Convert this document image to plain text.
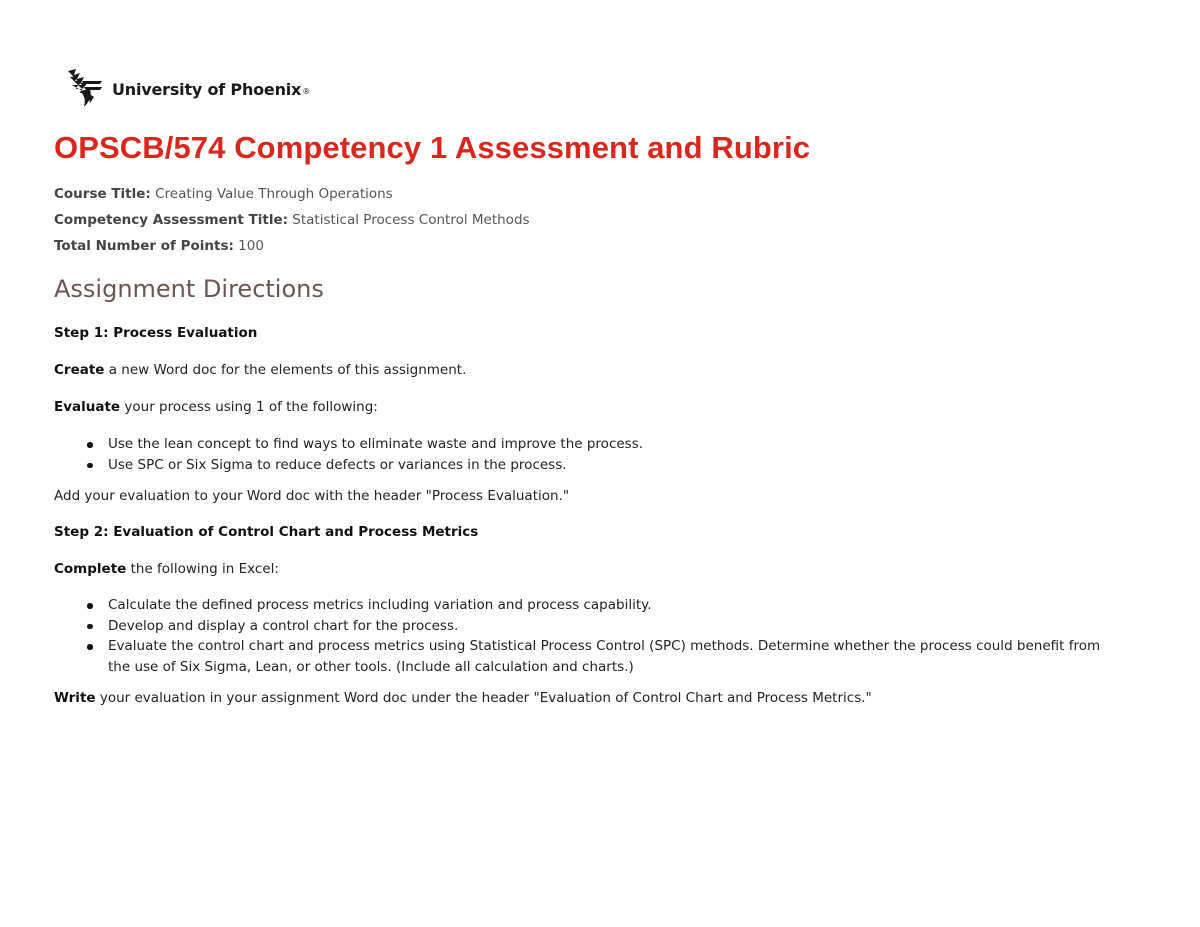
University of Phoenix®
OPSCB/574 Competency 1 Assessment and Rubric
Course Title: Creating Value Through Operations
Competency Assessment Title: Statistical Process Control Methods
Total Number of Points: 100
Assignment Directions

Step 1: Process Evaluation

Create a new Word doc for the elements of this assignment.

Evaluate your process using 1 of the following:

Use the lean concept to find ways to eliminate waste and improve the process.
Use SPC or Six Sigma to reduce defects or variances in the process.

Add your evaluation to your Word doc with the header "Process Evaluation."

Step 2: Evaluation of Control Chart and Process Metrics

Complete the following in Excel:

Calculate the defined process metrics including variation and process capability.
Develop and display a control chart for the process.
Evaluate the control chart and process metrics using Statistical Process Control (SPC) methods. Determine whether the process could benefit from the use of Six Sigma, Lean, or other tools. (Include all calculation and charts.)

Write your evaluation in your assignment Word doc under the header "Evaluation of Control Chart and Process Metrics."
